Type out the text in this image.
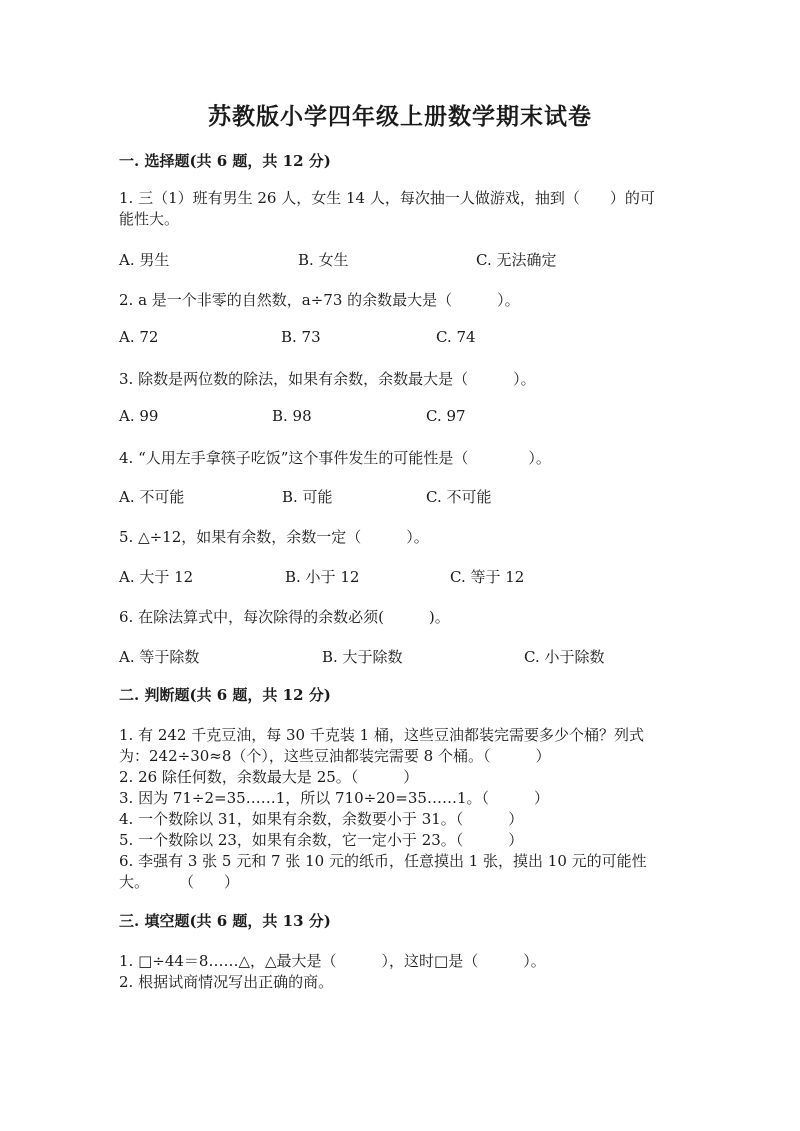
苏教版小学四年级上册数学期末试卷
一. 选择题(共 6 题，共 12 分)
1. 三（1）班有男生 26 人，女生 14 人，每次抽一人做游戏，抽到（　　）的可
能性大。
A. 男生	B. 女生	C. 无法确定
2. a 是一个非零的自然数，a÷73 的余数最大是（　　　）。
A. 72	B. 73	C. 74
3. 除数是两位数的除法，如果有余数，余数最大是（　　　）。
A. 99	B. 98	C. 97
4. “人用左手拿筷子吃饭”这个事件发生的可能性是（　　　　）。
A. 不可能	B. 可能	C. 不可能
5. △÷12，如果有余数，余数一定（　　　）。
A. 大于 12	B. 小于 12	C. 等于 12
6. 在除法算式中，每次除得的余数必须(　　　)。
A. 等于除数	B. 大于除数	C. 小于除数
二. 判断题(共 6 题，共 12 分)
1. 有 242 千克豆油，每 30 千克装 1 桶，这些豆油都装完需要多少个桶？列式
为：242÷30≈8（个），这些豆油都装完需要 8 个桶。（　　　）
2. 26 除任何数，余数最大是 25。（　　　）
3. 因为 71÷2=35……1，所以 710÷20=35……1。（　　　）
4. 一个数除以 31，如果有余数，余数要小于 31。（　　　）
5. 一个数除以 23，如果有余数，它一定小于 23。（　　　）
6. 李强有 3 张 5 元和 7 张 10 元的纸币，任意摸出 1 张，摸出 10 元的可能性
大。　　　（　　）
三. 填空题(共 6 题，共 13 分)
1. □÷44＝8……△，△最大是（　　　），这时□是（　　　）。
2. 根据试商情况写出正确的商。
